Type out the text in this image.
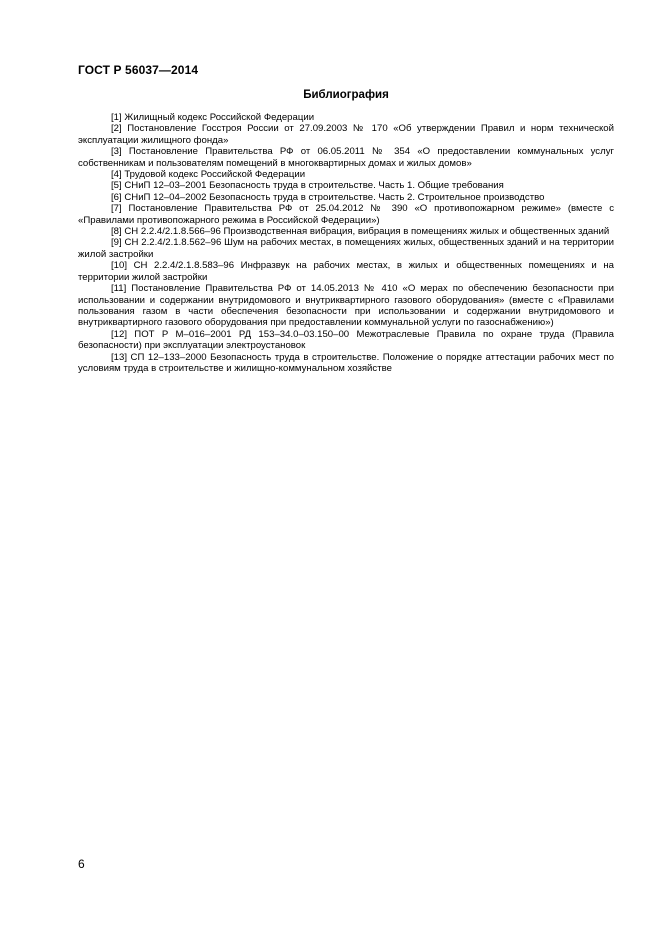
ГОСТ Р 56037—2014
Библиография
[1] Жилищный кодекс Российской Федерации
[2] Постановление Госстроя России от 27.09.2003 № 170 «Об утверждении Правил и норм технической эксплуатации жилищного фонда»
[3] Постановление Правительства РФ от 06.05.2011 № 354 «О предоставлении коммунальных услуг собственникам и пользователям помещений в многоквартирных домах и жилых домов»
[4] Трудовой кодекс Российской Федерации
[5] СНиП 12–03–2001 Безопасность труда в строительстве. Часть 1. Общие требования
[6] СНиП 12–04–2002 Безопасность труда в строительстве. Часть 2. Строительное производство
[7] Постановление Правительства РФ от 25.04.2012 № 390 «О противопожарном режиме» (вместе с «Правилами противопожарного режима в Российской Федерации»)
[8] СН 2.2.4/2.1.8.566–96 Производственная вибрация, вибрация в помещениях жилых и общественных зданий
[9] СН 2.2.4/2.1.8.562–96 Шум на рабочих местах, в помещениях жилых, общественных зданий и на территории жилой застройки
[10] СН 2.2.4/2.1.8.583–96 Инфразвук на рабочих местах, в жилых и общественных помещениях и на территории жилой застройки
[11] Постановление Правительства РФ от 14.05.2013 № 410 «О мерах по обеспечению безопасности при использовании и содержании внутридомового и внутриквартирного газового оборудования» (вместе с «Правилами пользования газом в части обеспечения безопасности при использовании и содержании внутридомового и внутриквартирного газового оборудования при предоставлении коммунальной услуги по газоснабжению»)
[12] ПОТ Р М–016–2001 РД 153–34.0–03.150–00 Межотраслевые Правила по охране труда (Правила безопасности) при эксплуатации электроустановок
[13] СП 12–133–2000 Безопасность труда в строительстве. Положение о порядке аттестации рабочих мест по условиям труда в строительстве и жилищно-коммунальном хозяйстве
6
